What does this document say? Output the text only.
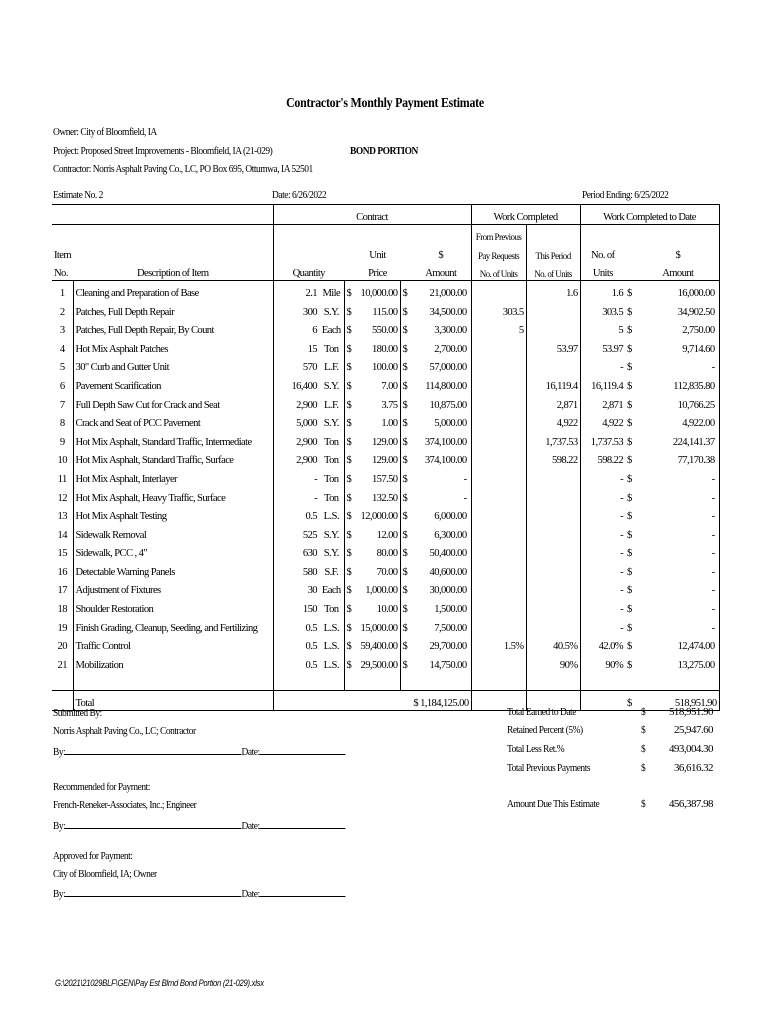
Contractor's Monthly Payment Estimate
Owner: City of Bloomfield, IA
Project: Proposed Street Improvements - Bloomfield, IA (21-029)	BOND PORTION
Contractor: Norris Asphalt Paving Co., LC, PO Box 695, Ottumwa, IA 52501
Estimate No. 2	Date: 6/26/2022	Period Ending: 6/25/2022
		Contract						Work Completed		Work Completed to Date		
								From Previous				
Item					Unit		$	Pay Requests	This Period	No. of		$
No.	Description of Item	Quantity			Price		Amount	No. of Units	No. of Units	Units		Amount
1	Cleaning and Preparation of Base	2.1	Mile	$	10,000.00	$	21,000.00		1.6	1.6	$	16,000.00
2	Patches, Full Depth Repair	300	S.Y.	$	115.00	$	34,500.00	303.5		303.5	$	34,902.50
3	Patches, Full Depth Repair, By Count	6	Each	$	550.00	$	3,300.00	5		5	$	2,750.00
4	Hot Mix Asphalt Patches	15	Ton	$	180.00	$	2,700.00		53.97	53.97	$	9,714.60
5	30" Curb and Gutter Unit	570	L.F.	$	100.00	$	57,000.00			-	$	-
6	Pavement Scarification	16,400	S.Y.	$	7.00	$	114,800.00		16,119.4	16,119.4	$	112,835.80
7	Full Depth Saw Cut for Crack and Seat	2,900	L.F.	$	3.75	$	10,875.00		2,871	2,871	$	10,766.25
8	Crack and Seat of PCC Pavement	5,000	S.Y.	$	1.00	$	5,000.00		4,922	4,922	$	4,922.00
9	Hot Mix Asphalt, Standard Traffic, Intermediate	2,900	Ton	$	129.00	$	374,100.00		1,737.53	1,737.53	$	224,141.37
10	Hot Mix Asphalt, Standard Traffic, Surface	2,900	Ton	$	129.00	$	374,100.00		598.22	598.22	$	77,170.38
11	Hot Mix Asphalt, Interlayer	-	Ton	$	157.50	$	-			-	$	-
12	Hot Mix Asphalt, Heavy Traffic, Surface	-	Ton	$	132.50	$	-			-	$	-
13	Hot Mix Asphalt Testing	0.5	L.S.	$	12,000.00	$	6,000.00			-	$	-
14	Sidewalk Removal	525	S.Y.	$	12.00	$	6,300.00			-	$	-
15	Sidewalk, PCC , 4"	630	S.Y.	$	80.00	$	50,400.00			-	$	-
16	Detectable Warning Panels	580	S.F.	$	70.00	$	40,600.00			-	$	-
17	Adjustment of Fixtures	30	Each	$	1,000.00	$	30,000.00			-	$	-
18	Shoulder Restoration	150	Ton	$	10.00	$	1,500.00			-	$	-
19	Finish Grading, Cleanup, Seeding, and Fertilizing	0.5	L.S.	$	15,000.00	$	7,500.00			-	$	-
20	Traffic Control	0.5	L.S.	$	59,400.00	$	29,700.00	1.5%	40.5%	42.0%	$	12,474.00
21	Mobilization	0.5	L.S.	$	29,500.00	$	14,750.00		90%	90%	$	13,275.00

	Total					$ 1,184,125.00					$	518,951.90
Total Earned to Date	$ 518,951.90
Retained Percent (5%)	$	25,947.60
Total Less Ret.%	$ 493,004.30
Total Previous Payments	$	36,616.32
Amount Due This Estimate	$ 456,387.98
Submitted By:
Norris Asphalt Paving Co., LC; Contractor
By:	Date:
Recommended for Payment:
French-Reneker-Associates, Inc.; Engineer
By:	Date:
Approved for Payment:
City of Bloomfield, IA; Owner
By:	Date:
G:\2021\21029BLF\GEN\Pay Est Blmd Bond Portion (21-029).xlsx
